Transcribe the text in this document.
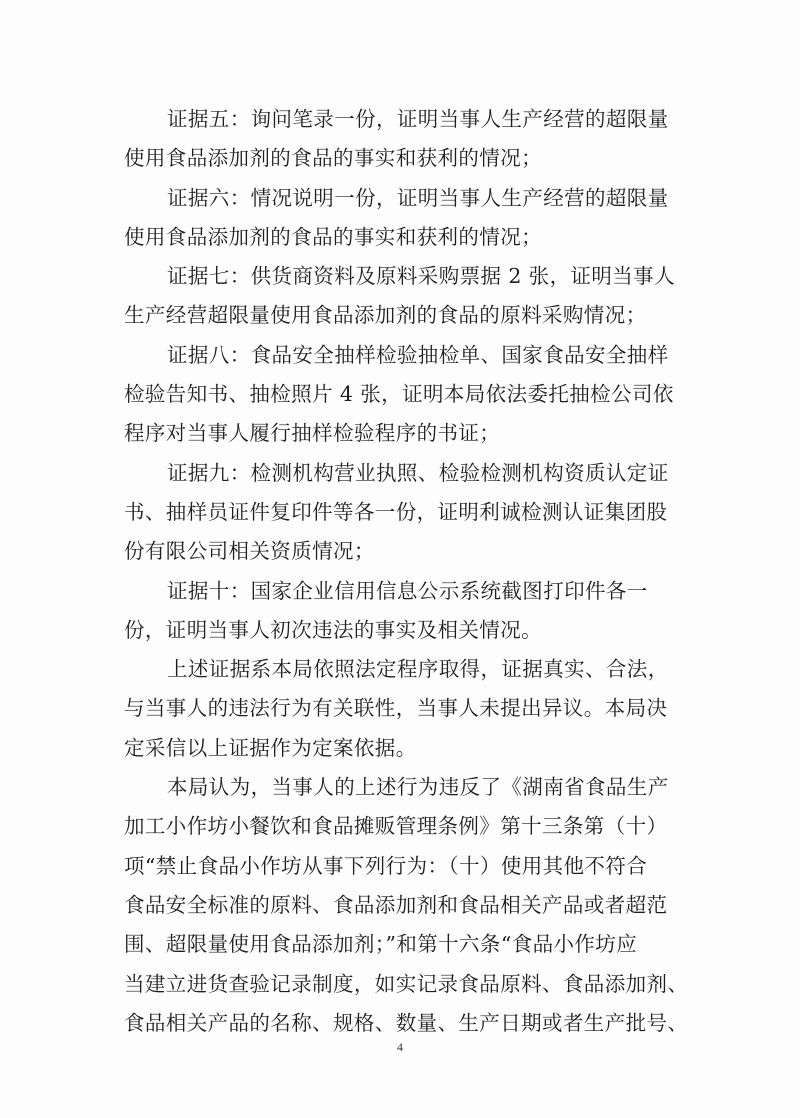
证据五：询问笔录一份，证明当事人生产经营的超限量
使用食品添加剂的食品的事实和获利的情况；

证据六：情况说明一份，证明当事人生产经营的超限量
使用食品添加剂的食品的事实和获利的情况；

证据七：供货商资料及原料采购票据 2 张，证明当事人
生产经营超限量使用食品添加剂的食品的原料采购情况；

证据八：食品安全抽样检验抽检单、国家食品安全抽样
检验告知书、抽检照片 4 张，证明本局依法委托抽检公司依
程序对当事人履行抽样检验程序的书证；

证据九：检测机构营业执照、检验检测机构资质认定证
书、抽样员证件复印件等各一份，证明利诚检测认证集团股
份有限公司相关资质情况；

证据十：国家企业信用信息公示系统截图打印件各一
份，证明当事人初次违法的事实及相关情况。

上述证据系本局依照法定程序取得，证据真实、合法，
与当事人的违法行为有关联性，当事人未提出异议。本局决
定采信以上证据作为定案依据。

本局认为，当事人的上述行为违反了《湖南省食品生产
加工小作坊小餐饮和食品摊贩管理条例》第十三条第（十）
项“禁止食品小作坊从事下列行为：（十）使用其他不符合
食品安全标准的原料、食品添加剂和食品相关产品或者超范
围、超限量使用食品添加剂；”和第十六条“食品小作坊应
当建立进货查验记录制度，如实记录食品原料、食品添加剂、
食品相关产品的名称、规格、数量、生产日期或者生产批号、

4
